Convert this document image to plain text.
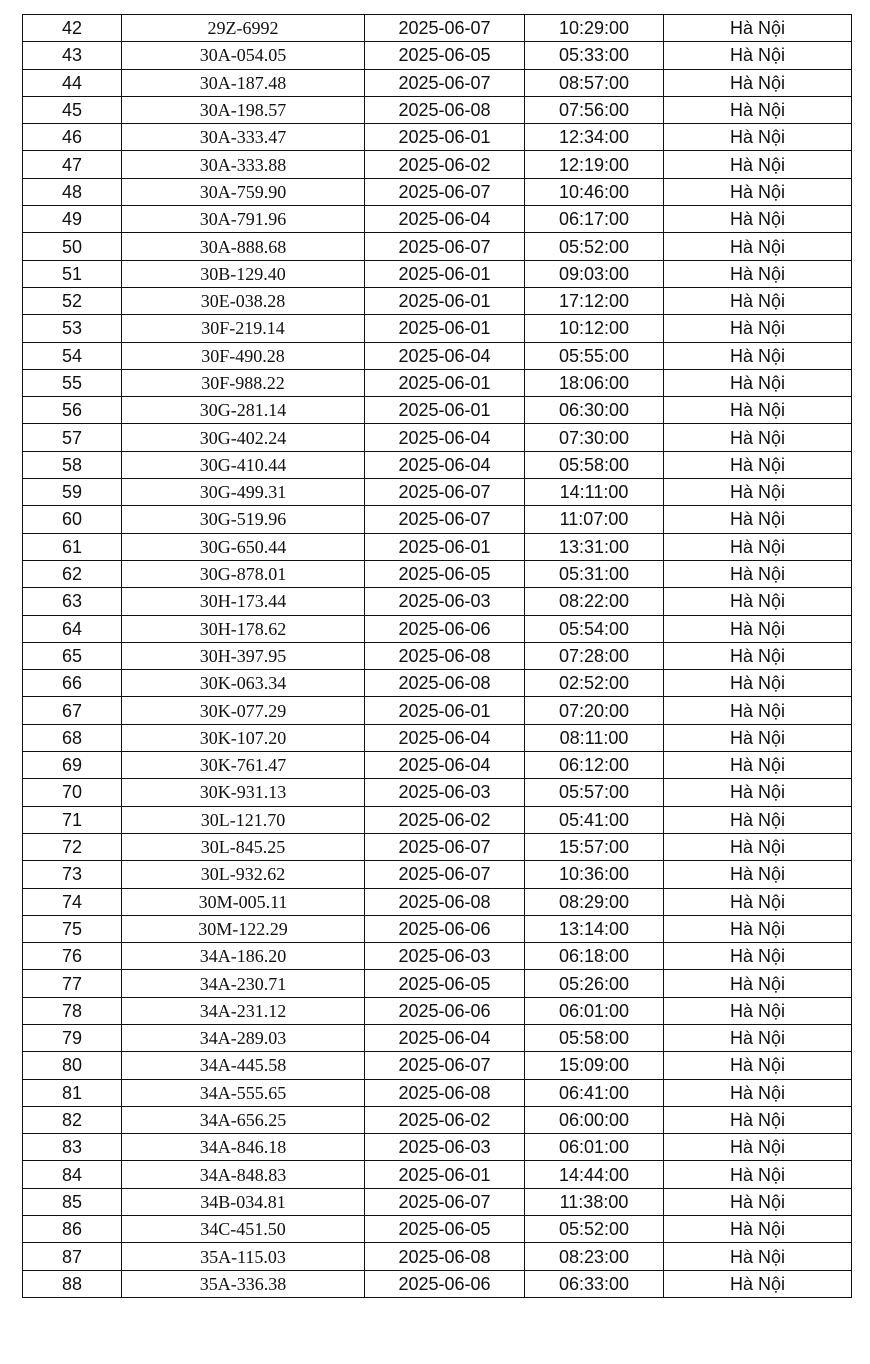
42	29Z-6992	2025-06-07	10:29:00	Hà Nội
43	30A-054.05	2025-06-05	05:33:00	Hà Nội
44	30A-187.48	2025-06-07	08:57:00	Hà Nội
45	30A-198.57	2025-06-08	07:56:00	Hà Nội
46	30A-333.47	2025-06-01	12:34:00	Hà Nội
47	30A-333.88	2025-06-02	12:19:00	Hà Nội
48	30A-759.90	2025-06-07	10:46:00	Hà Nội
49	30A-791.96	2025-06-04	06:17:00	Hà Nội
50	30A-888.68	2025-06-07	05:52:00	Hà Nội
51	30B-129.40	2025-06-01	09:03:00	Hà Nội
52	30E-038.28	2025-06-01	17:12:00	Hà Nội
53	30F-219.14	2025-06-01	10:12:00	Hà Nội
54	30F-490.28	2025-06-04	05:55:00	Hà Nội
55	30F-988.22	2025-06-01	18:06:00	Hà Nội
56	30G-281.14	2025-06-01	06:30:00	Hà Nội
57	30G-402.24	2025-06-04	07:30:00	Hà Nội
58	30G-410.44	2025-06-04	05:58:00	Hà Nội
59	30G-499.31	2025-06-07	14:11:00	Hà Nội
60	30G-519.96	2025-06-07	11:07:00	Hà Nội
61	30G-650.44	2025-06-01	13:31:00	Hà Nội
62	30G-878.01	2025-06-05	05:31:00	Hà Nội
63	30H-173.44	2025-06-03	08:22:00	Hà Nội
64	30H-178.62	2025-06-06	05:54:00	Hà Nội
65	30H-397.95	2025-06-08	07:28:00	Hà Nội
66	30K-063.34	2025-06-08	02:52:00	Hà Nội
67	30K-077.29	2025-06-01	07:20:00	Hà Nội
68	30K-107.20	2025-06-04	08:11:00	Hà Nội
69	30K-761.47	2025-06-04	06:12:00	Hà Nội
70	30K-931.13	2025-06-03	05:57:00	Hà Nội
71	30L-121.70	2025-06-02	05:41:00	Hà Nội
72	30L-845.25	2025-06-07	15:57:00	Hà Nội
73	30L-932.62	2025-06-07	10:36:00	Hà Nội
74	30M-005.11	2025-06-08	08:29:00	Hà Nội
75	30M-122.29	2025-06-06	13:14:00	Hà Nội
76	34A-186.20	2025-06-03	06:18:00	Hà Nội
77	34A-230.71	2025-06-05	05:26:00	Hà Nội
78	34A-231.12	2025-06-06	06:01:00	Hà Nội
79	34A-289.03	2025-06-04	05:58:00	Hà Nội
80	34A-445.58	2025-06-07	15:09:00	Hà Nội
81	34A-555.65	2025-06-08	06:41:00	Hà Nội
82	34A-656.25	2025-06-02	06:00:00	Hà Nội
83	34A-846.18	2025-06-03	06:01:00	Hà Nội
84	34A-848.83	2025-06-01	14:44:00	Hà Nội
85	34B-034.81	2025-06-07	11:38:00	Hà Nội
86	34C-451.50	2025-06-05	05:52:00	Hà Nội
87	35A-115.03	2025-06-08	08:23:00	Hà Nội
88	35A-336.38	2025-06-06	06:33:00	Hà Nội
